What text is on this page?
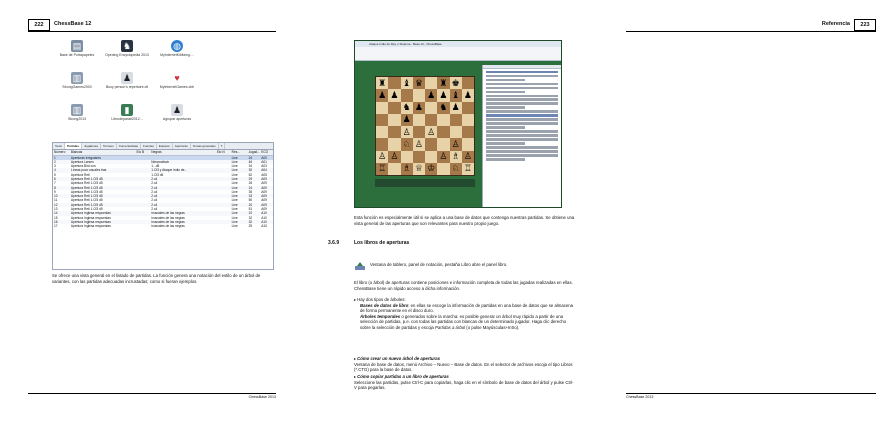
222	ChessBase 12
▤
Base de Portapapeles
♞
Opening Encyclopedia 2013
◍
MyInternetKibitzing....
▥
StrongGames2000
♟
Busy person's repertoire.ctl
♥
MyInternetGames.cbh
▥
Strong2013
▮
Librodeparati2012...
♟
Agrupar aperturas
Texto	Partidas	Jugadores	Torneos	Comentaristas	Fuentes	Equipos	Aperturas	Temas generales	T
Número	Blancas	Elo B	Negras	Elo N	Res...	Jugad...	ECO
1	Aperturas Irregulares				Line	24	A00
2	Apertura Larsen		Nimzowitsch		Line	46	A01
3	Apertura Bird con		1...d5		Line	34	A03
4	Líneas poco usuales tras		1.Cf3 y Ataque Indio de...		Line	30	A04
5	Apertura Reti		1.Cf3 d5		Line	52	A05
6	Apertura Reti 1.Cf3 d5		2.c4		Line	29	A09
7	Apertura Reti 1.Cf3 d5		2.c4		Line	26	A09
8	Apertura Reti 1.Cf3 d5		2.c4		Line	24	A09
9	Apertura Reti 1.Cf3 d5		2.c4		Line	35	A09
10	Apertura Reti 1.Cf3 d5		2.c4		Line	33	A09
11	Apertura Reti 1.Cf3 d5		2.c4		Line	50	A09
12	Apertura Reti 1.Cf3 d5		2.c4		Line	20	A09
13	Apertura Reti 1.Cf3 d5		2.c4		Line	51	A09
14	Apertura Inglesa respuestas		inusuales de las negras		Line	22	A10
15	Apertura Inglesa respuestas		inusuales de las negras		Line	32	A10
16	Apertura Inglesa respuestas		inusuales de las negras		Line	32	A10
17	Apertura Inglesa respuestas		inusuales de las negras		Line	29	A10
Se ofrece una vista general en el listado de partidas. La función genera una notación del estilo de un árbol de variantes, con las partidas adecuadas incrustadas; como si fueran ejemplos.
ChessBase 2013
Referencia	223
Ataque Indio de Rey o Sistema - Base.ctl - ChessBase
♜ ♝ ♛ ♜ ♚
♟ ♟	♟ ♟ ♝ ♟
♞ ♟ ♞ ♟
♟
♙ ♙
♘ ♙	♙
♙ ♙	♙ ♗ ♙
♖ ♗ ♕ ♔ ♘ ♖
Esta función es especialmente útil si se aplica a una base de datos que contenga nuestras partidas. Se obtiene una vista general de las aperturas que son relevantes para nuestro propio juego.
3.6.9	Los libros de aperturas
Ventana de tablero, panel de notación, pestaña Libro abre el panel libro.
El libro (o árbol) de aperturas contiene posiciones e información completa de todas las jugadas realizadas en ellas. ChessBase tiene un rápido acceso a dicha información.
▸ Hay dos tipos de árboles:
Bases de datos de libro: en ellas se escoge la información de partidas en una base de datos que se almacena de forma permanente en el disco duro.
Árboles temporales o generados sobre la marcha: es posible generar un árbol muy rápido a partir de una selección de partidas, p.e. con todas las partidas con blancas de un determinado jugador. Haga clic derecho sobre la selección de partidas y escoja Partidas a árbol (o pulse Mayúsculas+Intro).
▸ Cómo crear un nuevo árbol de aperturas
Ventana de base de datos, menú Archivo – Nuevo – Base de datos. En el selector de archivos escoja el tipo Libros (*.CTG) para la base de datos.
▸ Cómo copiar partidas a un libro de aperturas
Seleccione las partidas, pulse Ctrl-C para copiarlas, haga clic en el símbolo de base de datos del árbol y pulse Ctrl-V para pegarlas.
ChessBase 2013
